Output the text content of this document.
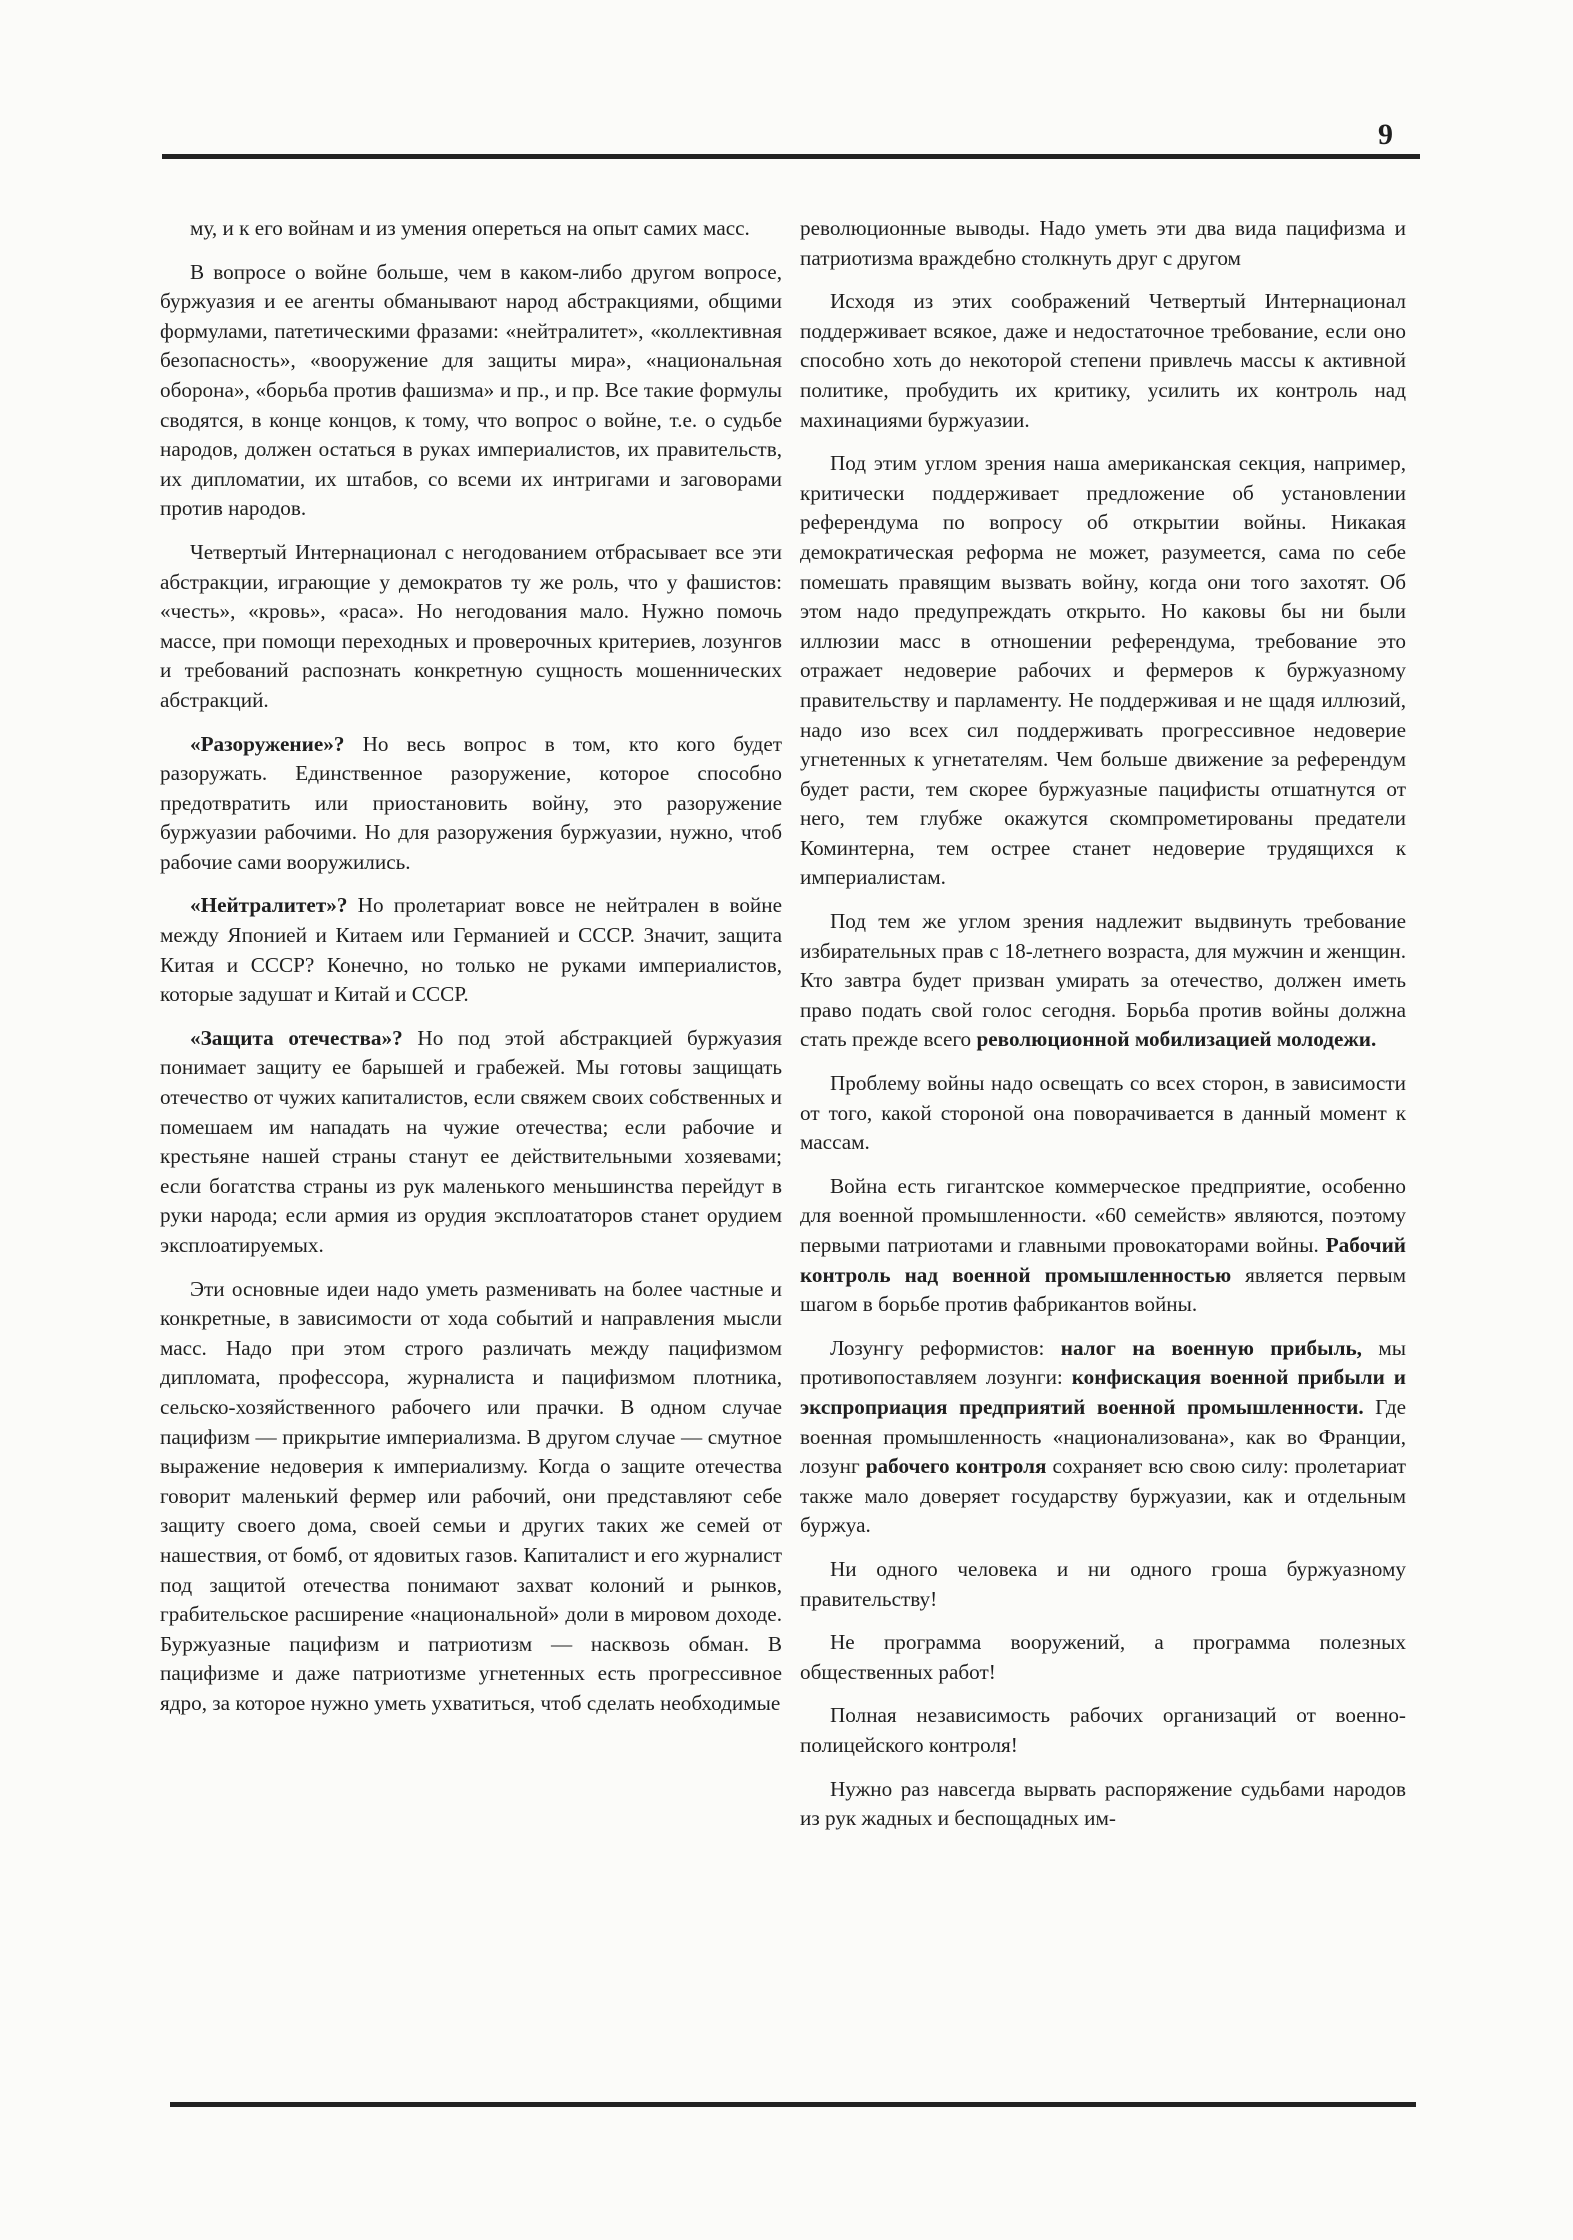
9

му, и к его войнам и из умения опереться на опыт самих масс.

В вопросе о войне больше, чем в каком-либо другом вопросе, буржуазия и ее агенты обманывают народ абстракциями, общими формулами, патетическими фразами: «нейтралитет», «коллективная безопасность», «вооружение для защиты мира», «национальная оборона», «борьба против фашизма» и пр., и пр. Все такие формулы сводятся, в конце концов, к тому, что вопрос о войне, т.е. о судьбе народов, должен остаться в руках империалистов, их правительств, их дипломатии, их штабов, со всеми их интригами и заговорами против народов.

Четвертый Интернационал с негодованием отбрасывает все эти абстракции, играющие у демократов ту же роль, что у фашистов: «честь», «кровь», «раса». Но негодования мало. Нужно помочь массе, при помощи переходных и проверочных критериев, лозунгов и требований распознать конкретную сущность мошеннических абстракций.

«Разоружение»? Но весь вопрос в том, кто кого будет разоружать. Единственное разоружение, которое способно предотвратить или приостановить войну, это разоружение буржуазии рабочими. Но для разоружения буржуазии, нужно, чтоб рабочие сами вооружились.

«Нейтралитет»? Но пролетариат вовсе не нейтрален в войне между Японией и Китаем или Германией и СССР. Значит, защита Китая и СССР? Конечно, но только не руками империалистов, которые задушат и Китай и СССР.

«Защита отечества»? Но под этой абстракцией буржуазия понимает защиту ее барышей и грабежей. Мы готовы защищать отечество от чужих капиталистов, если свяжем своих собственных и помешаем им нападать на чужие отечества; если рабочие и крестьяне нашей страны станут ее действительными хозяевами; если богатства страны из рук маленького меньшинства перейдут в руки народа; если армия из орудия эксплоататоров станет орудием эксплоатируемых.

Эти основные идеи надо уметь разменивать на более частные и конкретные, в зависимости от хода событий и направления мысли масс. Надо при этом строго различать между пацифизмом дипломата, профессора, журналиста и пацифизмом плотника, сельско-хозяйственного рабочего или прачки. В одном случае пацифизм — прикрытие империализма. В другом случае — смутное выражение недоверия к империализму. Когда о защите отечества говорит маленький фермер или рабочий, они представляют себе защиту своего дома, своей семьи и других таких же семей от нашествия, от бомб, от ядовитых газов. Капиталист и его журналист под защитой отечества понимают захват колоний и рынков, грабительское расширение «национальной» доли в мировом доходе. Буржуазные пацифизм и патриотизм — насквозь обман. В пацифизме и даже патриотизме угнетенных есть прогрессивное ядро, за которое нужно уметь ухватиться, чтоб сделать необходимые

революционные выводы. Надо уметь эти два вида пацифизма и патриотизма враждебно столкнуть друг с другом

Исходя из этих соображений Четвертый Интернационал поддерживает всякое, даже и недостаточное требование, если оно способно хоть до некоторой степени привлечь массы к активной политике, пробудить их критику, усилить их контроль над махинациями буржуазии.

Под этим углом зрения наша американская секция, например, критически поддерживает предложение об установлении референдума по вопросу об открытии войны. Никакая демократическая реформа не может, разумеется, сама по себе помешать правящим вызвать войну, когда они того захотят. Об этом надо предупреждать открыто. Но каковы бы ни были иллюзии масс в отношении референдума, требование это отражает недоверие рабочих и фермеров к буржуазному правительству и парламенту. Не поддерживая и не щадя иллюзий, надо изо всех сил поддерживать прогрессивное недоверие угнетенных к угнетателям. Чем больше движение за референдум будет расти, тем скорее буржуазные пацифисты отшатнутся от него, тем глубже окажутся скомпрометированы предатели Коминтерна, тем острее станет недоверие трудящихся к империалистам.

Под тем же углом зрения надлежит выдвинуть требование избирательных прав с 18-летнего возраста, для мужчин и женщин. Кто завтра будет призван умирать за отечество, должен иметь право подать свой голос сегодня. Борьба против войны должна стать прежде всего революционной мобилизацией молодежи.

Проблему войны надо освещать со всех сторон, в зависимости от того, какой стороной она поворачивается в данный момент к массам.

Война есть гигантское коммерческое предприятие, особенно для военной промышленности. «60 семейств» являются, поэтому первыми патриотами и главными провокаторами войны. Рабочий контроль над военной промышленностью является первым шагом в борьбе против фабрикантов войны.

Лозунгу реформистов: налог на военную прибыль, мы противопоставляем лозунги: конфискация военной прибыли и экспроприация предприятий военной промышленности. Где военная промышленность «национализована», как во Франции, лозунг рабочего контроля сохраняет всю свою силу: пролетариат также мало доверяет государству буржуазии, как и отдельным буржуа.

Ни одного человека и ни одного гроша буржуазному правительству!

Не программа вооружений, а программа полезных общественных работ!

Полная независимость рабочих организаций от военно-полицейского контроля!

Нужно раз навсегда вырвать распоряжение судьбами народов из рук жадных и беспощадных им-
